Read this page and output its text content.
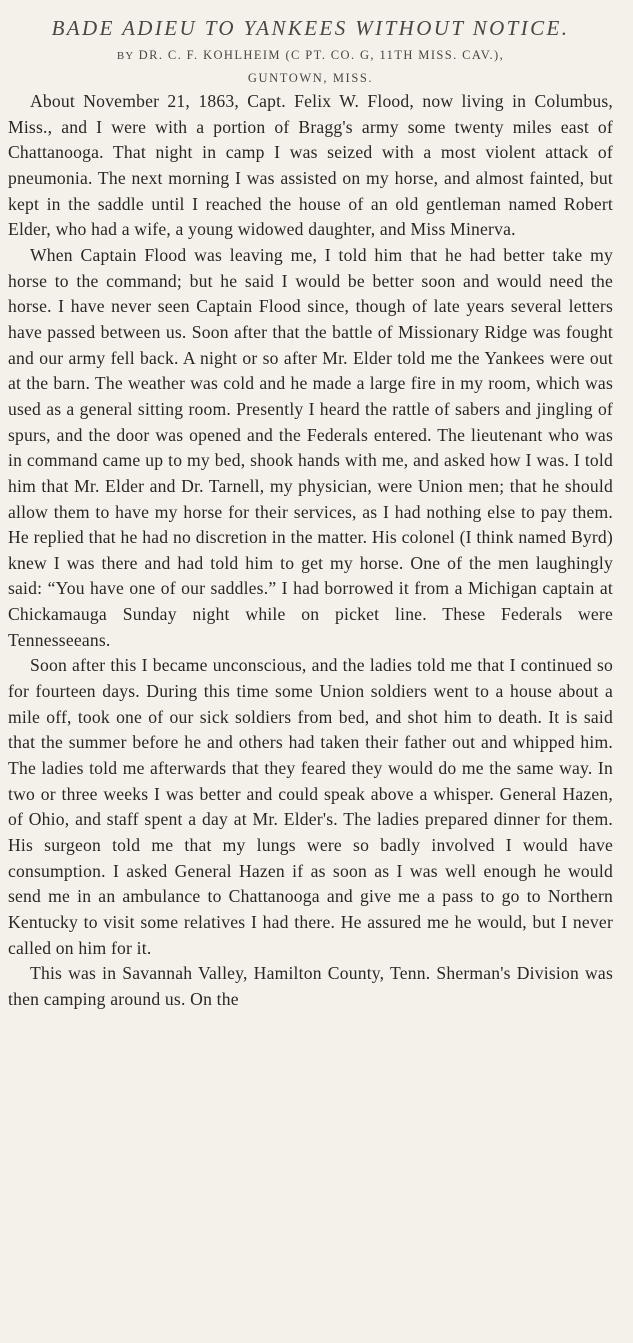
BADE ADIEU TO YANKEES WITHOUT NOTICE.
BY DR. C. F. KOHLHEIM (C PT. CO. G, 11TH MISS. CAV.),
GUNTOWN, MISS.

About November 21, 1863, Capt. Felix W. Flood, now living in Columbus, Miss., and I were with a portion of Bragg's army some twenty miles east of Chattanooga. That night in camp I was seized with a most violent attack of pneumonia. The next morning I was assisted on my horse, and almost fainted, but kept in the saddle until I reached the house of an old gentleman named Robert Elder, who had a wife, a young widowed daughter, and Miss Minerva.

When Captain Flood was leaving me, I told him that he had better take my horse to the command; but he said I would be better soon and would need the horse. I have never seen Captain Flood since, though of late years several letters have passed between us. Soon after that the battle of Missionary Ridge was fought and our army fell back. A night or so after Mr. Elder told me the Yankees were out at the barn. The weather was cold and he made a large fire in my room, which was used as a general sitting room. Presently I heard the rattle of sabers and jingling of spurs, and the door was opened and the Federals entered. The lieutenant who was in command came up to my bed, shook hands with me, and asked how I was. I told him that Mr. Elder and Dr. Tarnell, my physician, were Union men; that he should allow them to have my horse for their services, as I had nothing else to pay them. He replied that he had no discretion in the matter. His colonel (I think named Byrd) knew I was there and had told him to get my horse. One of the men laughingly said: “You have one of our saddles.” I had borrowed it from a Michigan captain at Chickamauga Sunday night while on picket line. These Federals were Tennesseeans.

Soon after this I became unconscious, and the ladies told me that I continued so for fourteen days. During this time some Union soldiers went to a house about a mile off, took one of our sick soldiers from bed, and shot him to death. It is said that the summer before he and others had taken their father out and whipped him. The ladies told me afterwards that they feared they would do me the same way. In two or three weeks I was better and could speak above a whisper. General Hazen, of Ohio, and staff spent a day at Mr. Elder's. The ladies prepared dinner for them. His surgeon told me that my lungs were so badly involved I would have consumption. I asked General Hazen if as soon as I was well enough he would send me in an ambulance to Chattanooga and give me a pass to go to Northern Kentucky to visit some relatives I had there. He assured me he would, but I never called on him for it.

This was in Savannah Valley, Hamilton County, Tenn. Sherman's Division was then camping around us. On the
